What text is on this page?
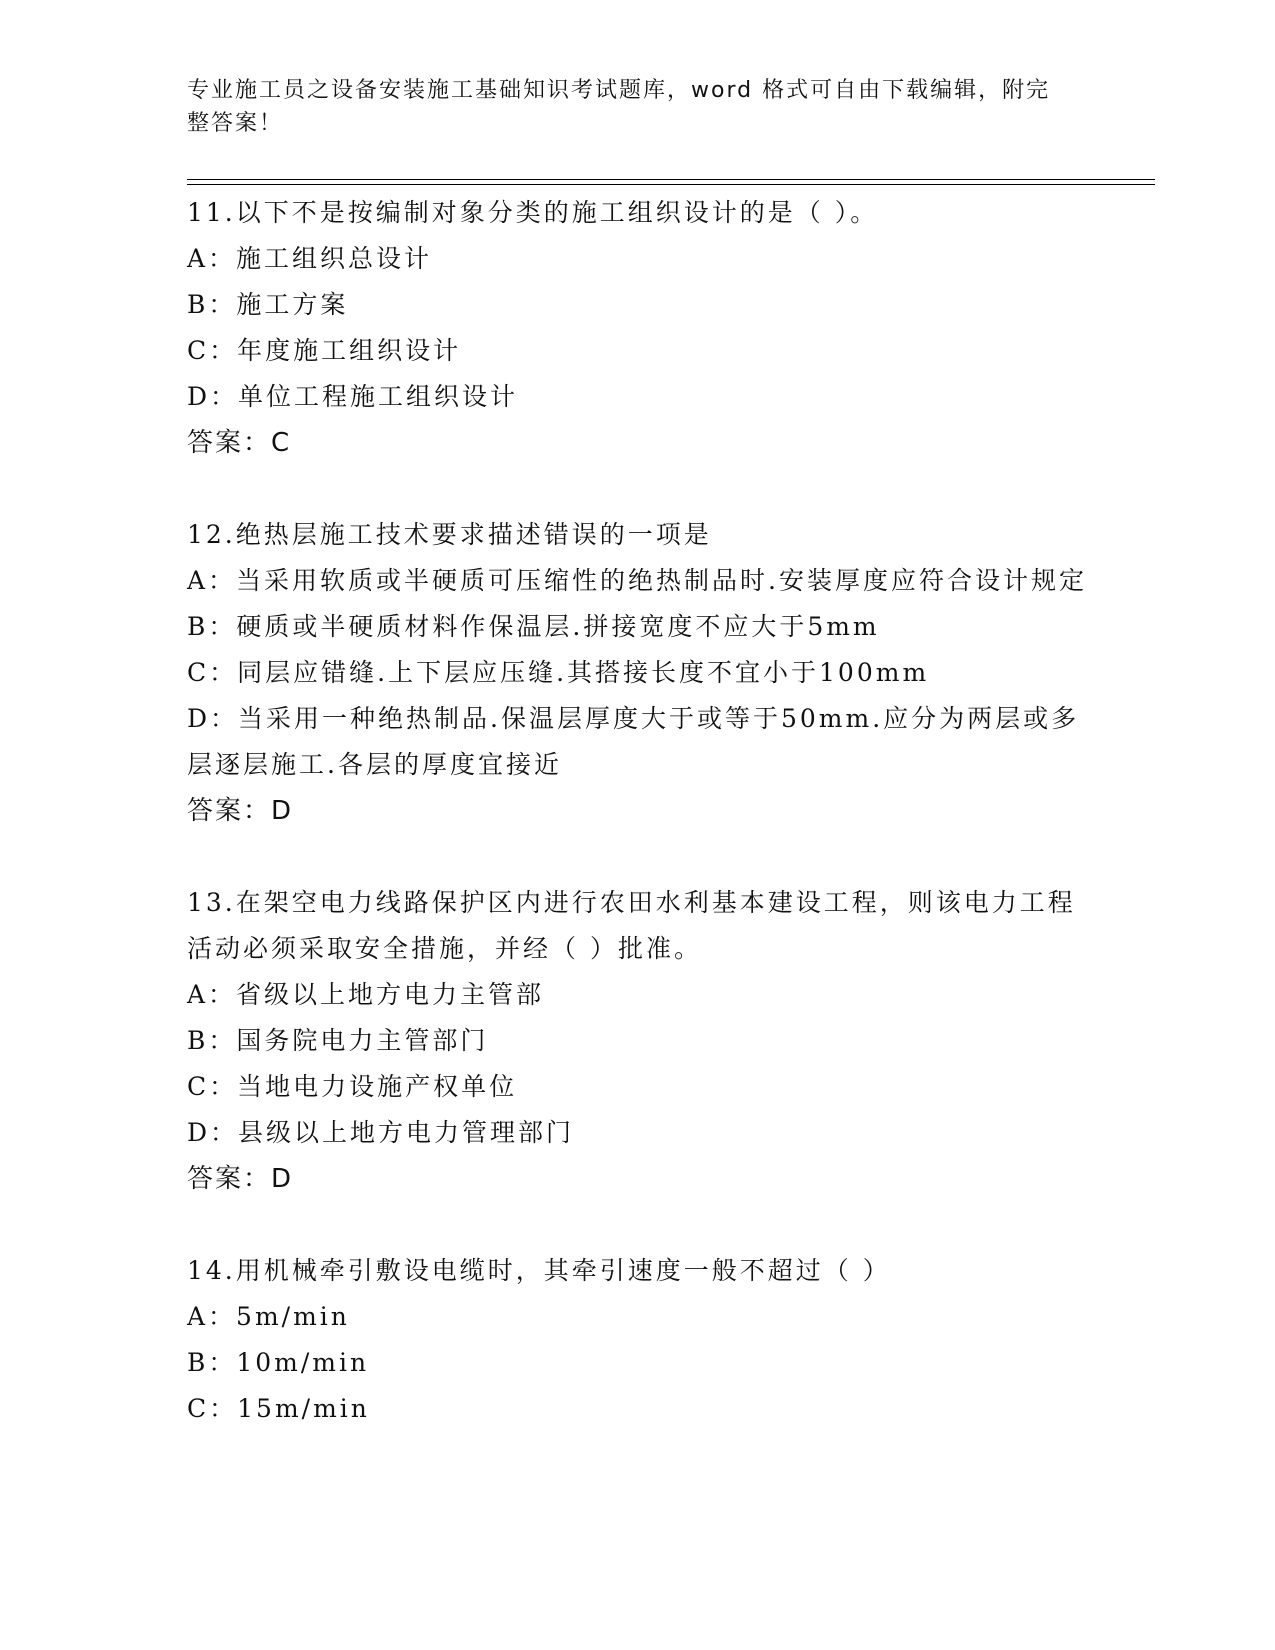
专业施工员之设备安装施工基础知识考试题库，word 格式可自由下载编辑，附完
整答案！
11.以下不是按编制对象分类的施工组织设计的是（ ）。
A：施工组织总设计
B：施工方案
C：年度施工组织设计
D：单位工程施工组织设计
答案：C
12.绝热层施工技术要求描述错误的一项是
A：当采用软质或半硬质可压缩性的绝热制品时.安装厚度应符合设计规定
B：硬质或半硬质材料作保温层.拼接宽度不应大于5mm
C：同层应错缝.上下层应压缝.其搭接长度不宜小于100mm
D：当采用一种绝热制品.保温层厚度大于或等于50mm.应分为两层或多层逐层施工.各层的厚度宜接近
答案：D
13.在架空电力线路保护区内进行农田水利基本建设工程，则该电力工程活动必须采取安全措施，并经（ ）批准。
A：省级以上地方电力主管部
B：国务院电力主管部门
C：当地电力设施产权单位
D：县级以上地方电力管理部门
答案：D
14.用机械牵引敷设电缆时，其牵引速度一般不超过（ ）
A：5m/min
B：10m/min
C：15m/min
